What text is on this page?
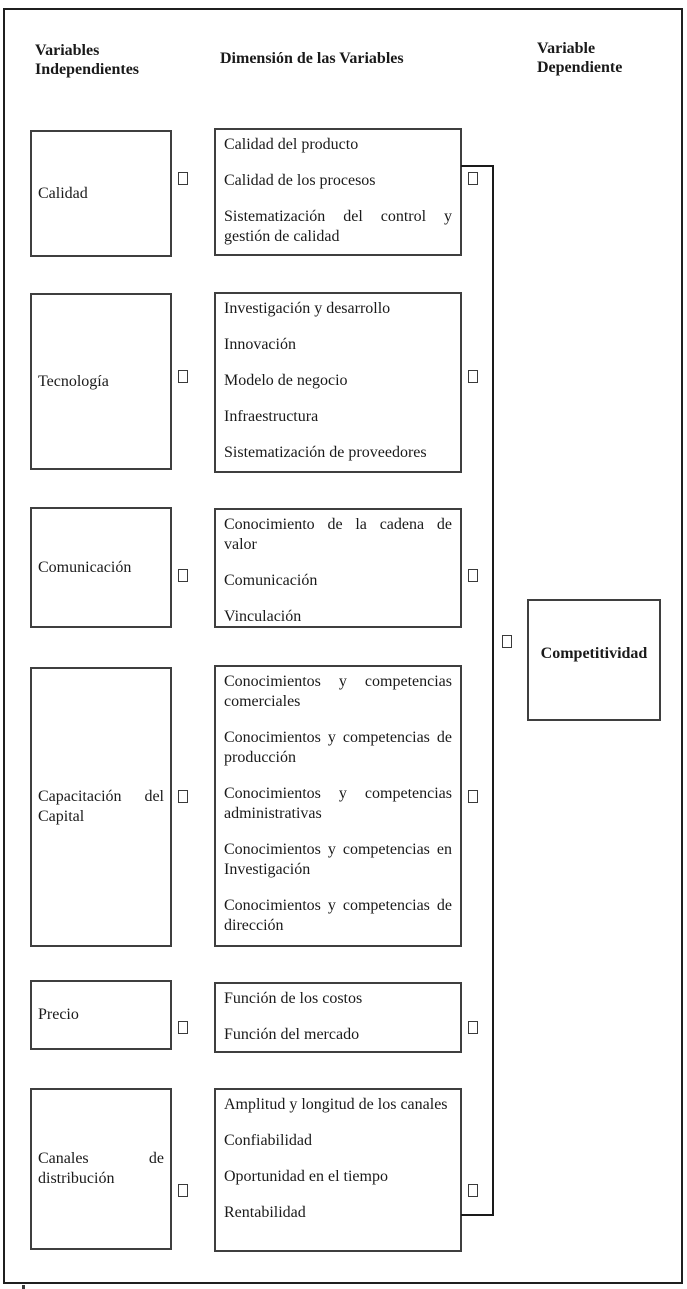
Variables Independientes
Dimensión de las Variables
Variable Dependiente
Calidad

Calidad del producto

Calidad de los procesos

Sistematización del control y gestión de calidad

Tecnología

Investigación y desarrollo

Innovación

Modelo de negocio

Infraestructura

Sistematización de proveedores

Comunicación

Conocimiento de la cadena de valor

Comunicación

Vinculación

Capacitación del Capital

Conocimientos y competencias comerciales

Conocimientos y competencias de producción

Conocimientos y competencias administrativas

Conocimientos y competencias en Investigación

Conocimientos y competencias de dirección

Precio

Función de los costos

Función del mercado

Canales de distribución

Amplitud y longitud de los canales

Confiabilidad

Oportunidad en el tiempo

Rentabilidad

Competitividad
